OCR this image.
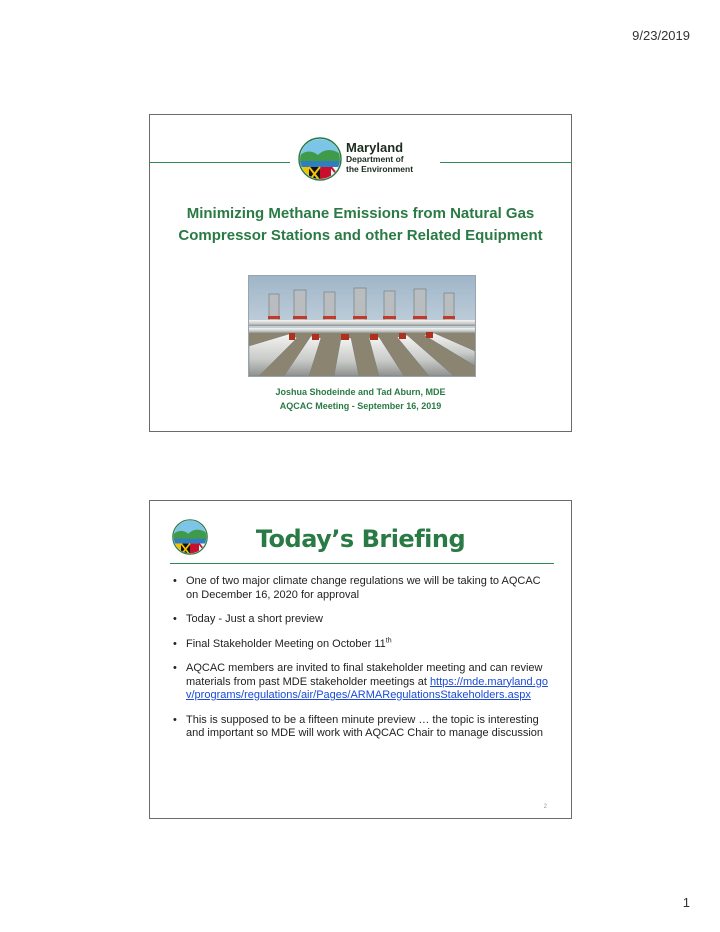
9/23/2019
Maryland
Department of
the Environment
Minimizing Methane Emissions from Natural Gas Compressor Stations and other Related Equipment
Joshua Shodeinde and Tad Aburn, MDE
AQCAC Meeting - September 16, 2019
Today’s Briefing
• One of two major climate change regulations we will be taking to AQCAC on December 16, 2020 for approval
• Today - Just a short preview
• Final Stakeholder Meeting on October 11th
• AQCAC members are invited to final stakeholder meeting and can review materials from past MDE stakeholder meetings at https://mde.maryland.gov/programs/regulations/air/Pages/ARMARegulationsStakeholders.aspx
• This is supposed to be a fifteen minute preview … the topic is interesting and important so MDE will work with AQCAC Chair to manage discussion
2
1
